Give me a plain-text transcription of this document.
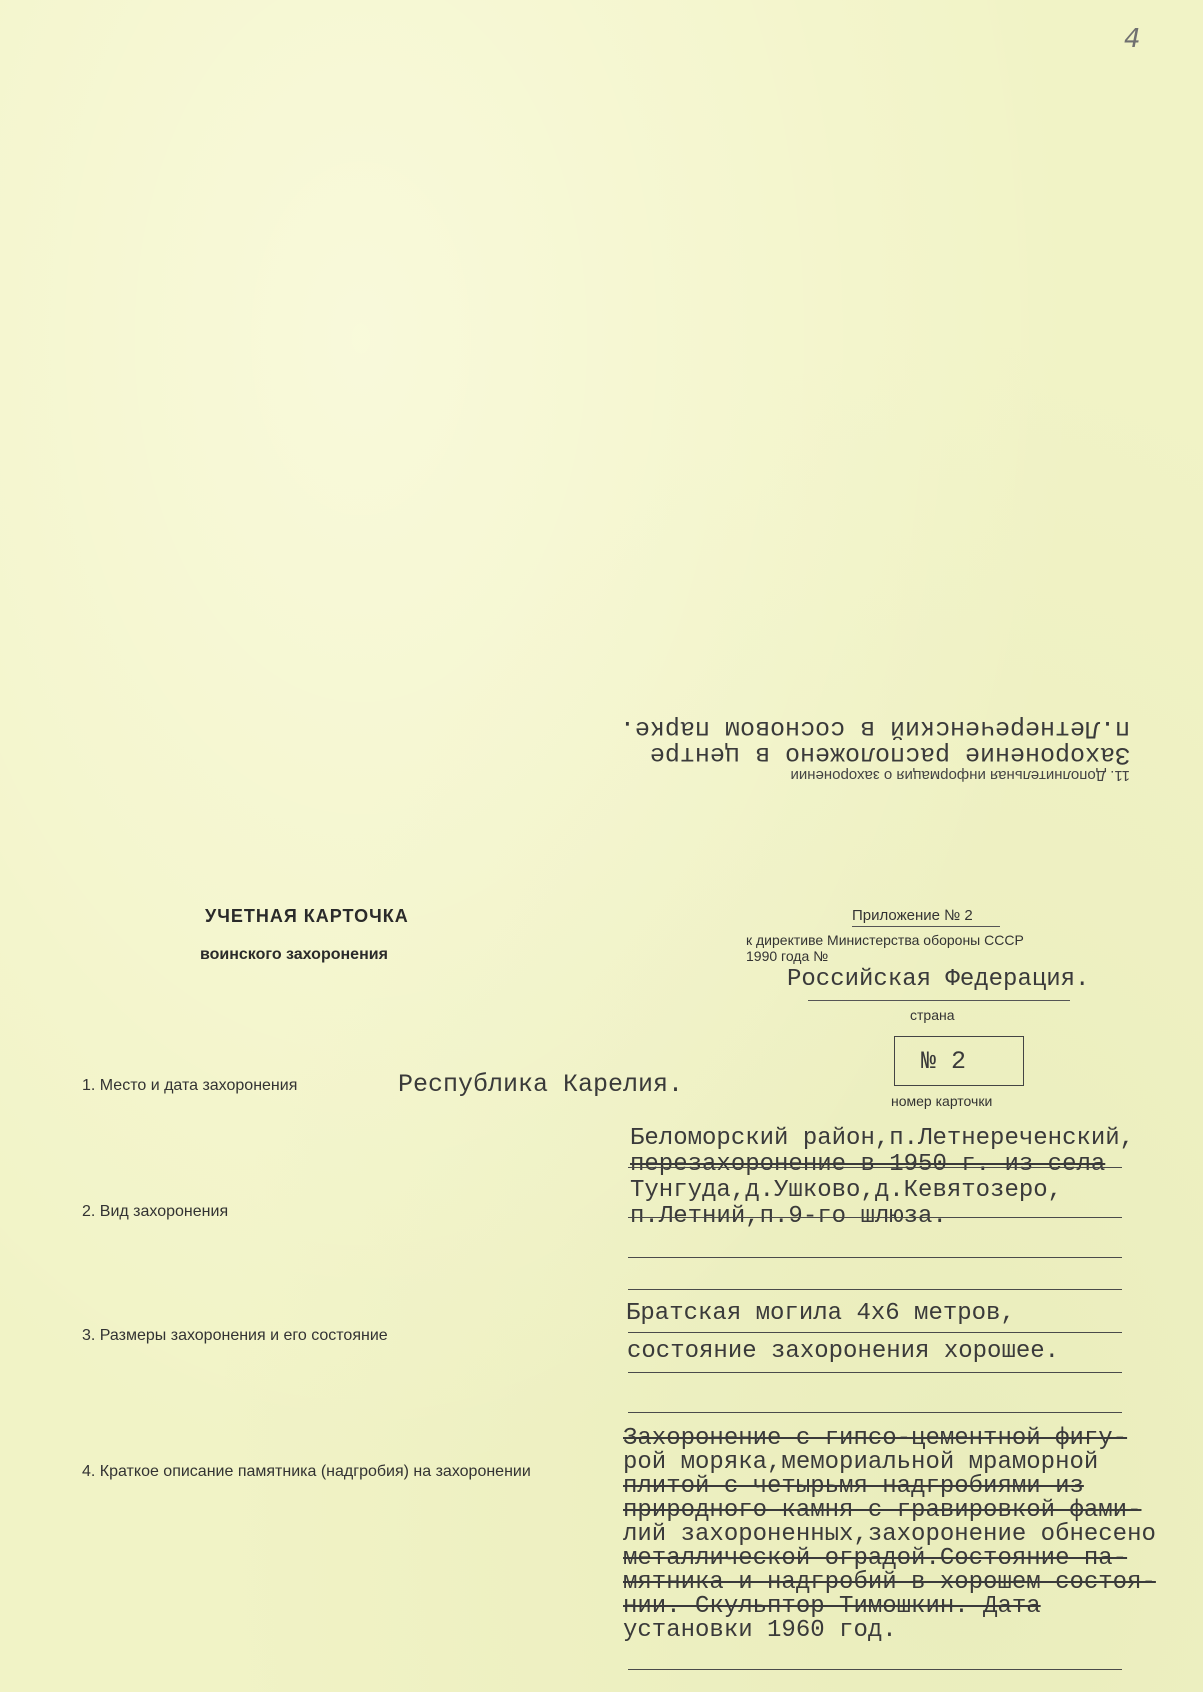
4
11. Дополнительная информация о захоронении
Захоронение расположено в центре
п.Летнереченский в сосновом парке.
УЧЕТНАЯ КАРТОЧКА
воинского захоронения
Приложение № 2
к директиве Министерства обороны СССР
1990 года №
Российская Федерация.
страна
№ 2
номер карточки
1. Место и дата захоронения	Республика Карелия.
2. Вид захоронения
Беломорский район,п.Летнереченский,
перезахоронение в 1950 г. из села
Тунгуда,д.Ушково,д.Кевятозеро,
п.Летний,п.9-го шлюза.
3. Размеры захоронения и его состояние
Братская могила 4х6 метров,
состояние захоронения хорошее.
4. Краткое описание памятника (надгробия) на захоронении
Захоронение с гипсо-цементной фигу-
рой моряка,мемориальной мраморной
плитой с четырьмя надгробиями из
природного камня с гравировкой фами-
лий захороненных,захоронение обнесено
металлической оградой.Состояние па-
мятника и надгробий в хорошем состоя-
нии. Скульптор Тимошкин. Дата
установки 1960 год.
